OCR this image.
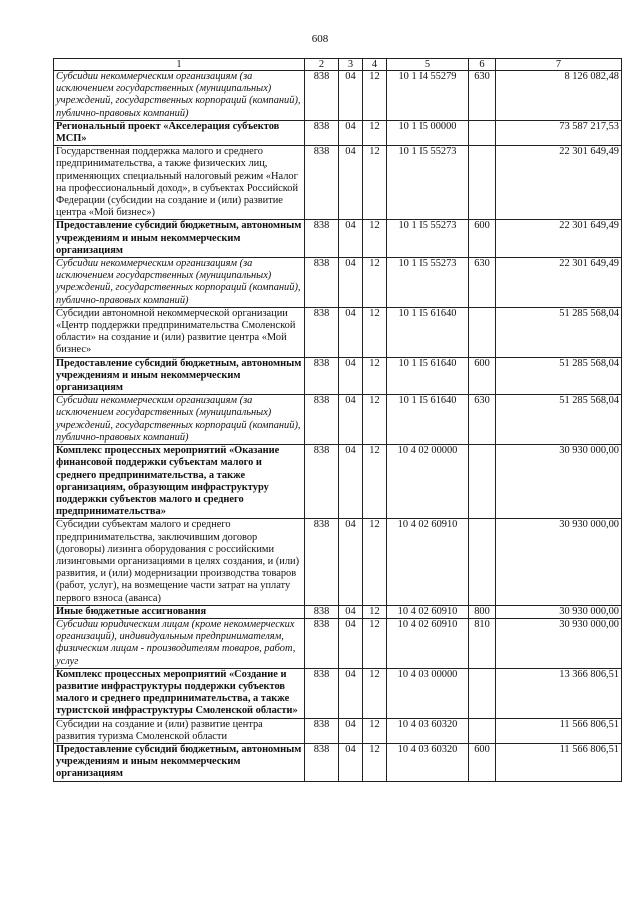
608
1	2	3	4	5	6	7
Субсидии некоммерческим организациям (за исключением государственных (муниципальных) учреждений, государственных корпораций (компаний), публично-правовых компаний)	838	04	12	10 1 I4 55279	630	8 126 082,48
Региональный проект «Акселерация субъектов МСП»	838	04	12	10 1 I5 00000		73 587 217,53
Государственная поддержка малого и среднего предпринимательства, а также физических лиц, применяющих специальный налоговый режим «Налог на профессиональный доход», в субъектах Российской Федерации (субсидии на создание и (или) развитие центра «Мой бизнес»)	838	04	12	10 1 I5 55273		22 301 649,49
Предоставление субсидий бюджетным, автономным учреждениям и иным некоммерческим организациям	838	04	12	10 1 I5 55273	600	22 301 649,49
Субсидии некоммерческим организациям (за исключением государственных (муниципальных) учреждений, государственных корпораций (компаний), публично-правовых компаний)	838	04	12	10 1 I5 55273	630	22 301 649,49
Субсидии автономной некоммерческой организации «Центр поддержки предпринимательства Смоленской области» на создание и (или) развитие центра «Мой бизнес»	838	04	12	10 1 I5 61640		51 285 568,04
Предоставление субсидий бюджетным, автономным учреждениям и иным некоммерческим организациям	838	04	12	10 1 I5 61640	600	51 285 568,04
Субсидии некоммерческим организациям (за исключением государственных (муниципальных) учреждений, государственных корпораций (компаний), публично-правовых компаний)	838	04	12	10 1 I5 61640	630	51 285 568,04
Комплекс процессных мероприятий «Оказание финансовой поддержки субъектам малого и среднего предпринимательства, а также организациям, образующим инфраструктуру поддержки субъектов малого и среднего предпринимательства»	838	04	12	10 4 02 00000		30 930 000,00
Субсидии субъектам малого и среднего предпринимательства, заключившим договор (договоры) лизинга оборудования с российскими лизинговыми организациями в целях создания, и (или) развития, и (или) модернизации производства товаров (работ, услуг), на возмещение части затрат на уплату первого взноса (аванса)	838	04	12	10 4 02 60910		30 930 000,00
Иные бюджетные ассигнования	838	04	12	10 4 02 60910	800	30 930 000,00
Субсидии юридическим лицам (кроме некоммерческих организаций), индивидуальным предпринимателям, физическим лицам - производителям товаров, работ, услуг	838	04	12	10 4 02 60910	810	30 930 000,00
Комплекс процессных мероприятий «Создание и развитие инфраструктуры поддержки субъектов малого и среднего предпринимательства, а также туристской инфраструктуры Смоленской области»	838	04	12	10 4 03 00000		13 366 806,51
Субсидии на создание и (или) развитие центра развития туризма Смоленской области	838	04	12	10 4 03 60320		11 566 806,51
Предоставление субсидий бюджетным, автономным учреждениям и иным некоммерческим организациям	838	04	12	10 4 03 60320	600	11 566 806,51
